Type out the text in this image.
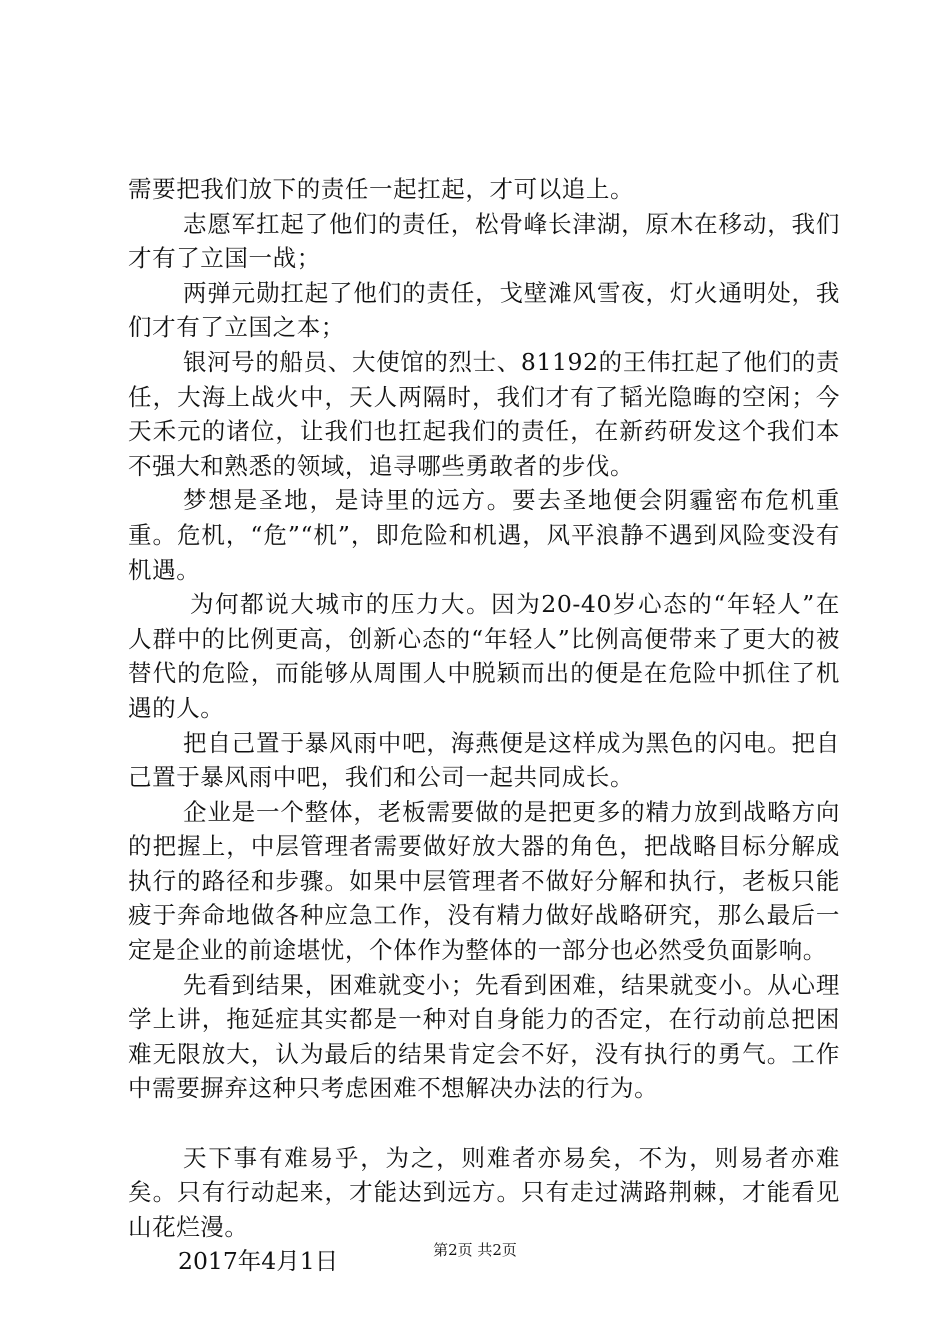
需要把我们放下的责任一起扛起，才可以追上。

志愿军扛起了他们的责任，松骨峰长津湖，原木在移动，我们才有了立国一战；

两弹元勋扛起了他们的责任，戈壁滩风雪夜，灯火通明处，我们才有了立国之本；

银河号的船员、大使馆的烈士、81192的王伟扛起了他们的责任，大海上战火中，天人两隔时，我们才有了韬光隐晦的空闲；今天禾元的诸位，让我们也扛起我们的责任，在新药研发这个我们本不强大和熟悉的领域，追寻哪些勇敢者的步伐。

梦想是圣地，是诗里的远方。要去圣地便会阴霾密布危机重重。危机，“危”“机”，即危险和机遇，风平浪静不遇到风险变没有机遇。

为何都说大城市的压力大。因为20-40岁心态的“年轻人”在人群中的比例更高，创新心态的“年轻人”比例高便带来了更大的被替代的危险，而能够从周围人中脱颖而出的便是在危险中抓住了机遇的人。

把自己置于暴风雨中吧，海燕便是这样成为黑色的闪电。把自己置于暴风雨中吧，我们和公司一起共同成长。

企业是一个整体，老板需要做的是把更多的精力放到战略方向的把握上，中层管理者需要做好放大器的角色，把战略目标分解成执行的路径和步骤。如果中层管理者不做好分解和执行，老板只能疲于奔命地做各种应急工作，没有精力做好战略研究，那么最后一定是企业的前途堪忧，个体作为整体的一部分也必然受负面影响。

先看到结果，困难就变小；先看到困难，结果就变小。从心理学上讲，拖延症其实都是一种对自身能力的否定，在行动前总把困难无限放大，认为最后的结果肯定会不好，没有执行的勇气。工作中需要摒弃这种只考虑困难不想解决办法的行为。

天下事有难易乎，为之，则难者亦易矣，不为，则易者亦难矣。只有行动起来，才能达到远方。只有走过满路荆棘，才能看见山花烂漫。

2017年4月1日	第2页 共2页
